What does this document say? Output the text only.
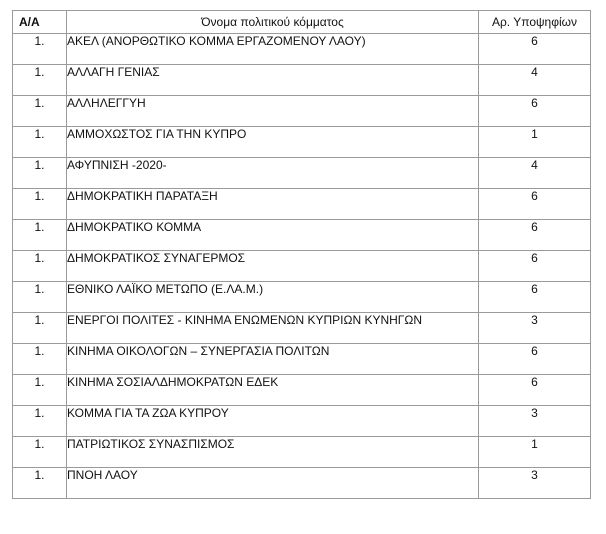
Α/Α	Όνομα πολιτικού κόμματος	Αρ. Υποψηφίων
1.	ΑΚΕΛ (ΑΝΟΡΘΩΤΙΚΟ ΚΟΜΜΑ ΕΡΓΑΖΟΜΕΝΟΥ ΛΑΟΥ)	6
1.	ΑΛΛΑΓΗ ΓΕΝΙΑΣ	4
1.	ΑΛΛΗΛΕΓΓΥΗ	6
1.	ΑΜΜΟΧΩΣΤΟΣ ΓΙΑ ΤΗΝ ΚΥΠΡΟ	1
1.	ΑΦΥΠΝΙΣΗ -2020-	4
1.	ΔΗΜΟΚΡΑΤΙΚΗ ΠΑΡΑΤΑΞΗ	6
1.	ΔΗΜΟΚΡΑΤΙΚΟ ΚΟΜΜΑ	6
1.	ΔΗΜΟΚΡΑΤΙΚΟΣ ΣΥΝΑΓΕΡΜΟΣ	6
1.	ΕΘΝΙΚΟ ΛΑΪΚΟ ΜΕΤΩΠΟ (Ε.ΛΑ.Μ.)	6
1.	ΕΝΕΡΓΟΙ ΠΟΛΙΤΕΣ - ΚΙΝΗΜΑ ΕΝΩΜΕΝΩΝ ΚΥΠΡΙΩΝ ΚΥΝΗΓΩΝ	3
1.	ΚΙΝΗΜΑ ΟΙΚΟΛΟΓΩΝ – ΣΥΝΕΡΓΑΣΙΑ ΠΟΛΙΤΩΝ	6
1.	ΚΙΝΗΜΑ ΣΟΣΙΑΛΔΗΜΟΚΡΑΤΩΝ ΕΔΕΚ	6
1.	ΚΟΜΜΑ ΓΙΑ ΤΑ ΖΩΑ ΚΥΠΡΟΥ	3
1.	ΠΑΤΡΙΩΤΙΚΟΣ ΣΥΝΑΣΠΙΣΜΟΣ	1
1.	ΠΝΟΗ ΛΑΟΥ	3
